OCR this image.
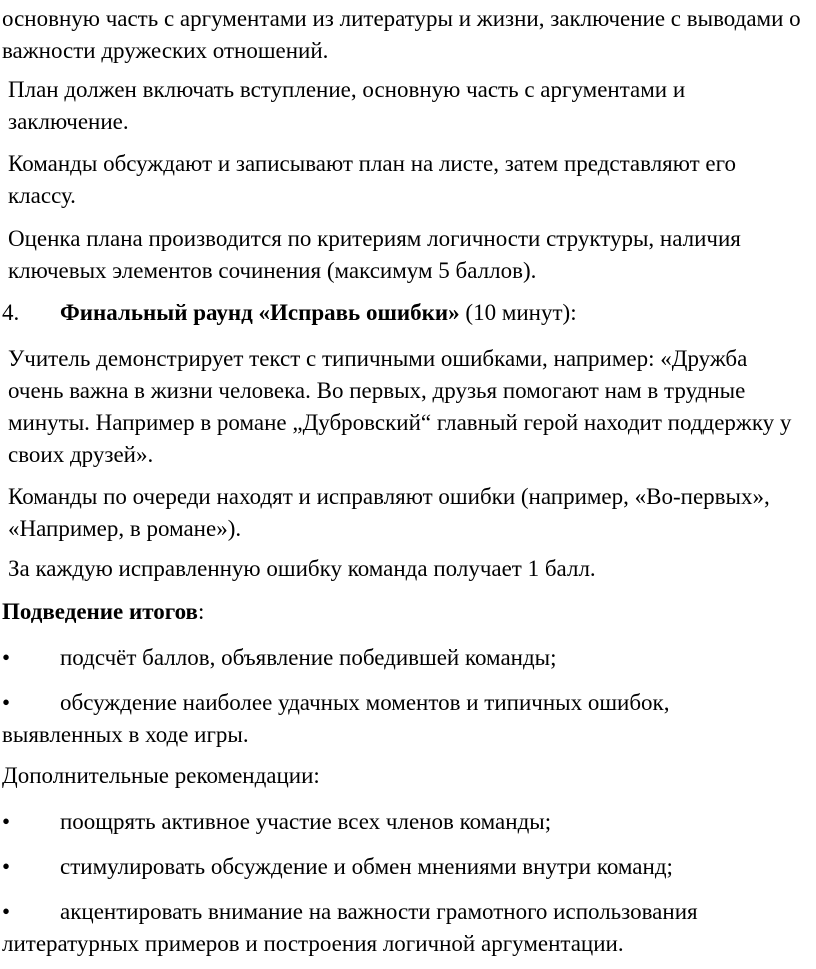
основную часть с аргументами из литературы и жизни, заключение с выводами о важности дружеских отношений.

План должен включать вступление, основную часть с аргументами и заключение.

Команды обсуждают и записывают план на листе, затем представляют его классу.

Оценка плана производится по критериям логичности структуры, наличия ключевых элементов сочинения (максимум 5 баллов).

4. Финальный раунд «Исправь ошибки» (10 минут):

Учитель демонстрирует текст с типичными ошибками, например: «Дружба очень важна в жизни человека. Во первых, друзья помогают нам в трудные минуты. Например в романе „Дубровский“ главный герой находит поддержку у своих друзей».

Команды по очереди находят и исправляют ошибки (например, «Во-первых», «Например, в романе»).

За каждую исправленную ошибку команда получает 1 балл.

Подведение итогов:
• подсчёт баллов, объявление победившей команды;
• обсуждение наиболее удачных моментов и типичных ошибок,
выявленных в ходе игры.
Дополнительные рекомендации:
• поощрять активное участие всех членов команды;
• стимулировать обсуждение и обмен мнениями внутри команд;
• акцентировать внимание на важности грамотного использования
литературных примеров и построения логичной аргументации.
